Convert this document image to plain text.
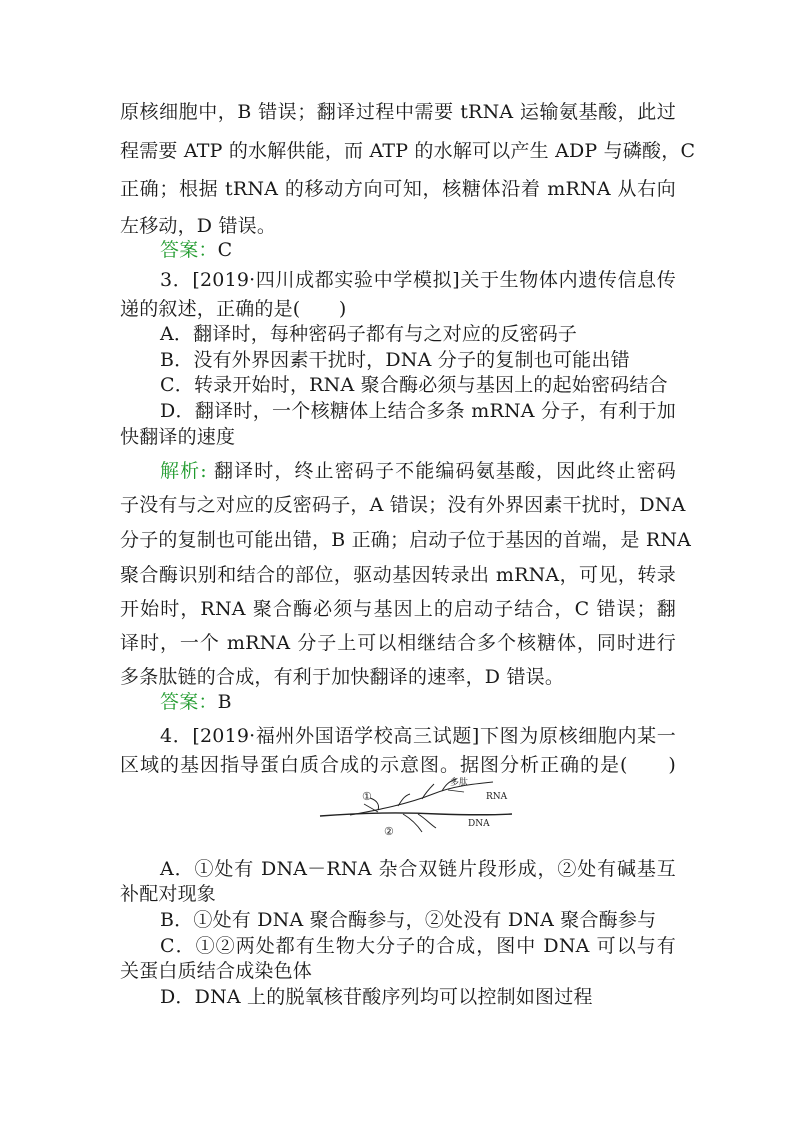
原核细胞中，B 错误；翻译过程中需要 tRNA 运输氨基酸，此过
程需要 ATP 的水解供能，而 ATP 的水解可以产生 ADP 与磷酸，C
正确；根据 tRNA 的移动方向可知，核糖体沿着 mRNA 从右向
左移动，D 错误。
答案：C
3．[2019·四川成都实验中学模拟]关于生物体内遗传信息传
递的叙述，正确的是(　　)
A．翻译时，每种密码子都有与之对应的反密码子
B．没有外界因素干扰时，DNA 分子的复制也可能出错
C．转录开始时，RNA 聚合酶必须与基因上的起始密码结合
D．翻译时，一个核糖体上结合多条 mRNA 分子，有利于加
快翻译的速度
解析: 翻译时，终止密码子不能编码氨基酸，因此终止密码
子没有与之对应的反密码子，A 错误；没有外界因素干扰时，DNA
分子的复制也可能出错，B 正确；启动子位于基因的首端，是 RNA
聚合酶识别和结合的部位，驱动基因转录出 mRNA，可见，转录
开始时，RNA 聚合酶必须与基因上的启动子结合，C 错误；翻
译时，一个 mRNA 分子上可以相继结合多个核糖体，同时进行
多条肽链的合成，有利于加快翻译的速率，D 错误。
答案：B
4．[2019·福州外国语学校高三试题]下图为原核细胞内某一
区域的基因指导蛋白质合成的示意图。据图分析正确的是(　　)
①
②
多肽
RNA
DNA
A．①处有 DNA－RNA 杂合双链片段形成，②处有碱基互
补配对现象
B．①处有 DNA 聚合酶参与，②处没有 DNA 聚合酶参与
C．①②两处都有生物大分子的合成，图中 DNA 可以与有
关蛋白质结合成染色体
D．DNA 上的脱氧核苷酸序列均可以控制如图过程
